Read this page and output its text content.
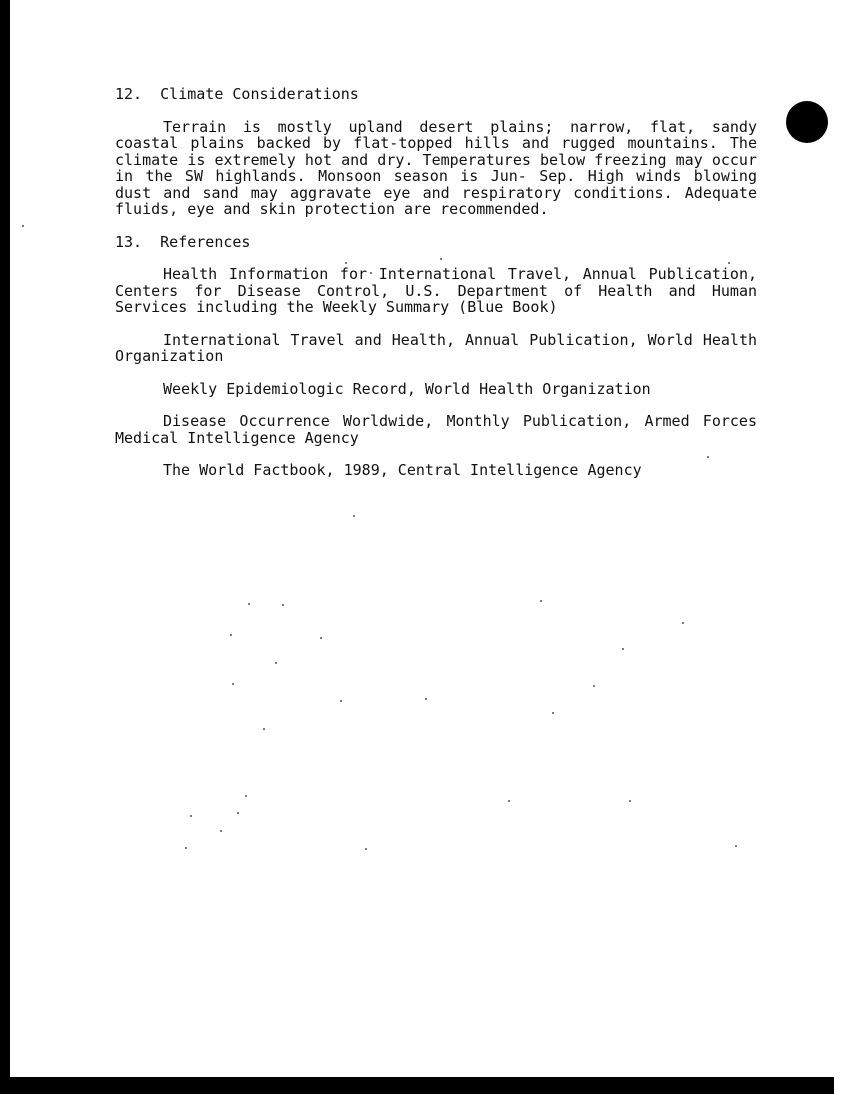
12.  Climate Considerations

Terrain is mostly upland desert plains; narrow, flat, sandy coastal plains backed by flat-topped hills and rugged mountains. The climate is extremely hot and dry. Temperatures below freezing may occur in the SW highlands. Monsoon season is Jun- Sep. High winds blowing dust and sand may aggravate eye and respiratory conditions. Adequate fluids, eye and skin protection are recommended.

13.  References

Health Information for International Travel, Annual Publication, Centers for Disease Control, U.S. Department of Health and Human Services including the Weekly Summary (Blue Book)

International Travel and Health, Annual Publication, World Health Organization

Weekly Epidemiologic Record, World Health Organization

Disease Occurrence Worldwide, Monthly Publication, Armed Forces Medical Intelligence Agency

The World Factbook, 1989, Central Intelligence Agency
